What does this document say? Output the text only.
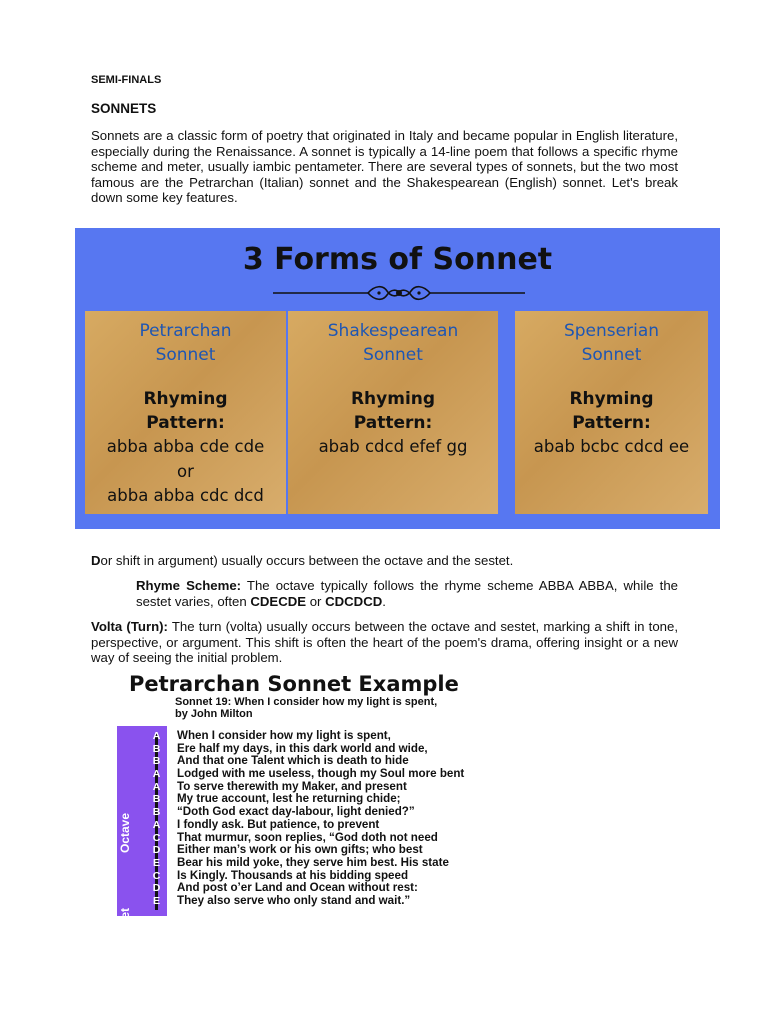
SEMI-FINALS
SONNETS
Sonnets are a classic form of poetry that originated in Italy and became popular in English literature, especially during the Renaissance. A sonnet is typically a 14-line poem that follows a specific rhyme scheme and meter, usually iambic pentameter. There are several types of sonnets, but the two most famous are the Petrarchan (Italian) sonnet and the Shakespearean (English) sonnet. Let's break down some key features.
3 Forms of Sonnet
Petrarchan
Sonnet
Rhyming
Pattern:
abba abba cde cde
or
abba abba cdc dcd
Shakespearean
Sonnet
Rhyming
Pattern:
abab cdcd efef gg
Spenserian
Sonnet
Rhyming
Pattern:
abab bcbc cdcd ee
Dor shift in argument) usually occurs between the octave and the sestet.
Rhyme Scheme: The octave typically follows the rhyme scheme ABBA ABBA, while the sestet varies, often CDECDE or CDCDCD.
Volta (Turn): The turn (volta) usually occurs between the octave and sestet, marking a shift in tone, perspective, or argument. This shift is often the heart of the poem's drama, offering insight or a new way of seeing the initial problem.
Petrarchan Sonnet Example
Sonnet 19: When I consider how my light is spent,
by John Milton
Octave
Sestet
A
B
B
A
A
B
B
A
C
D
E
C
D
E
When I consider how my light is spent,
Ere half my days, in this dark world and wide,
And that one Talent which is death to hide
Lodged with me useless, though my Soul more bent
To serve therewith my Maker, and present
My true account, lest he returning chide;
“Doth God exact day-labour, light denied?”
I fondly ask. But patience, to prevent
That murmur, soon replies, “God doth not need
Either man’s work or his own gifts; who best
Bear his mild yoke, they serve him best. His state
Is Kingly. Thousands at his bidding speed
And post o’er Land and Ocean without rest:
They also serve who only stand and wait.”
